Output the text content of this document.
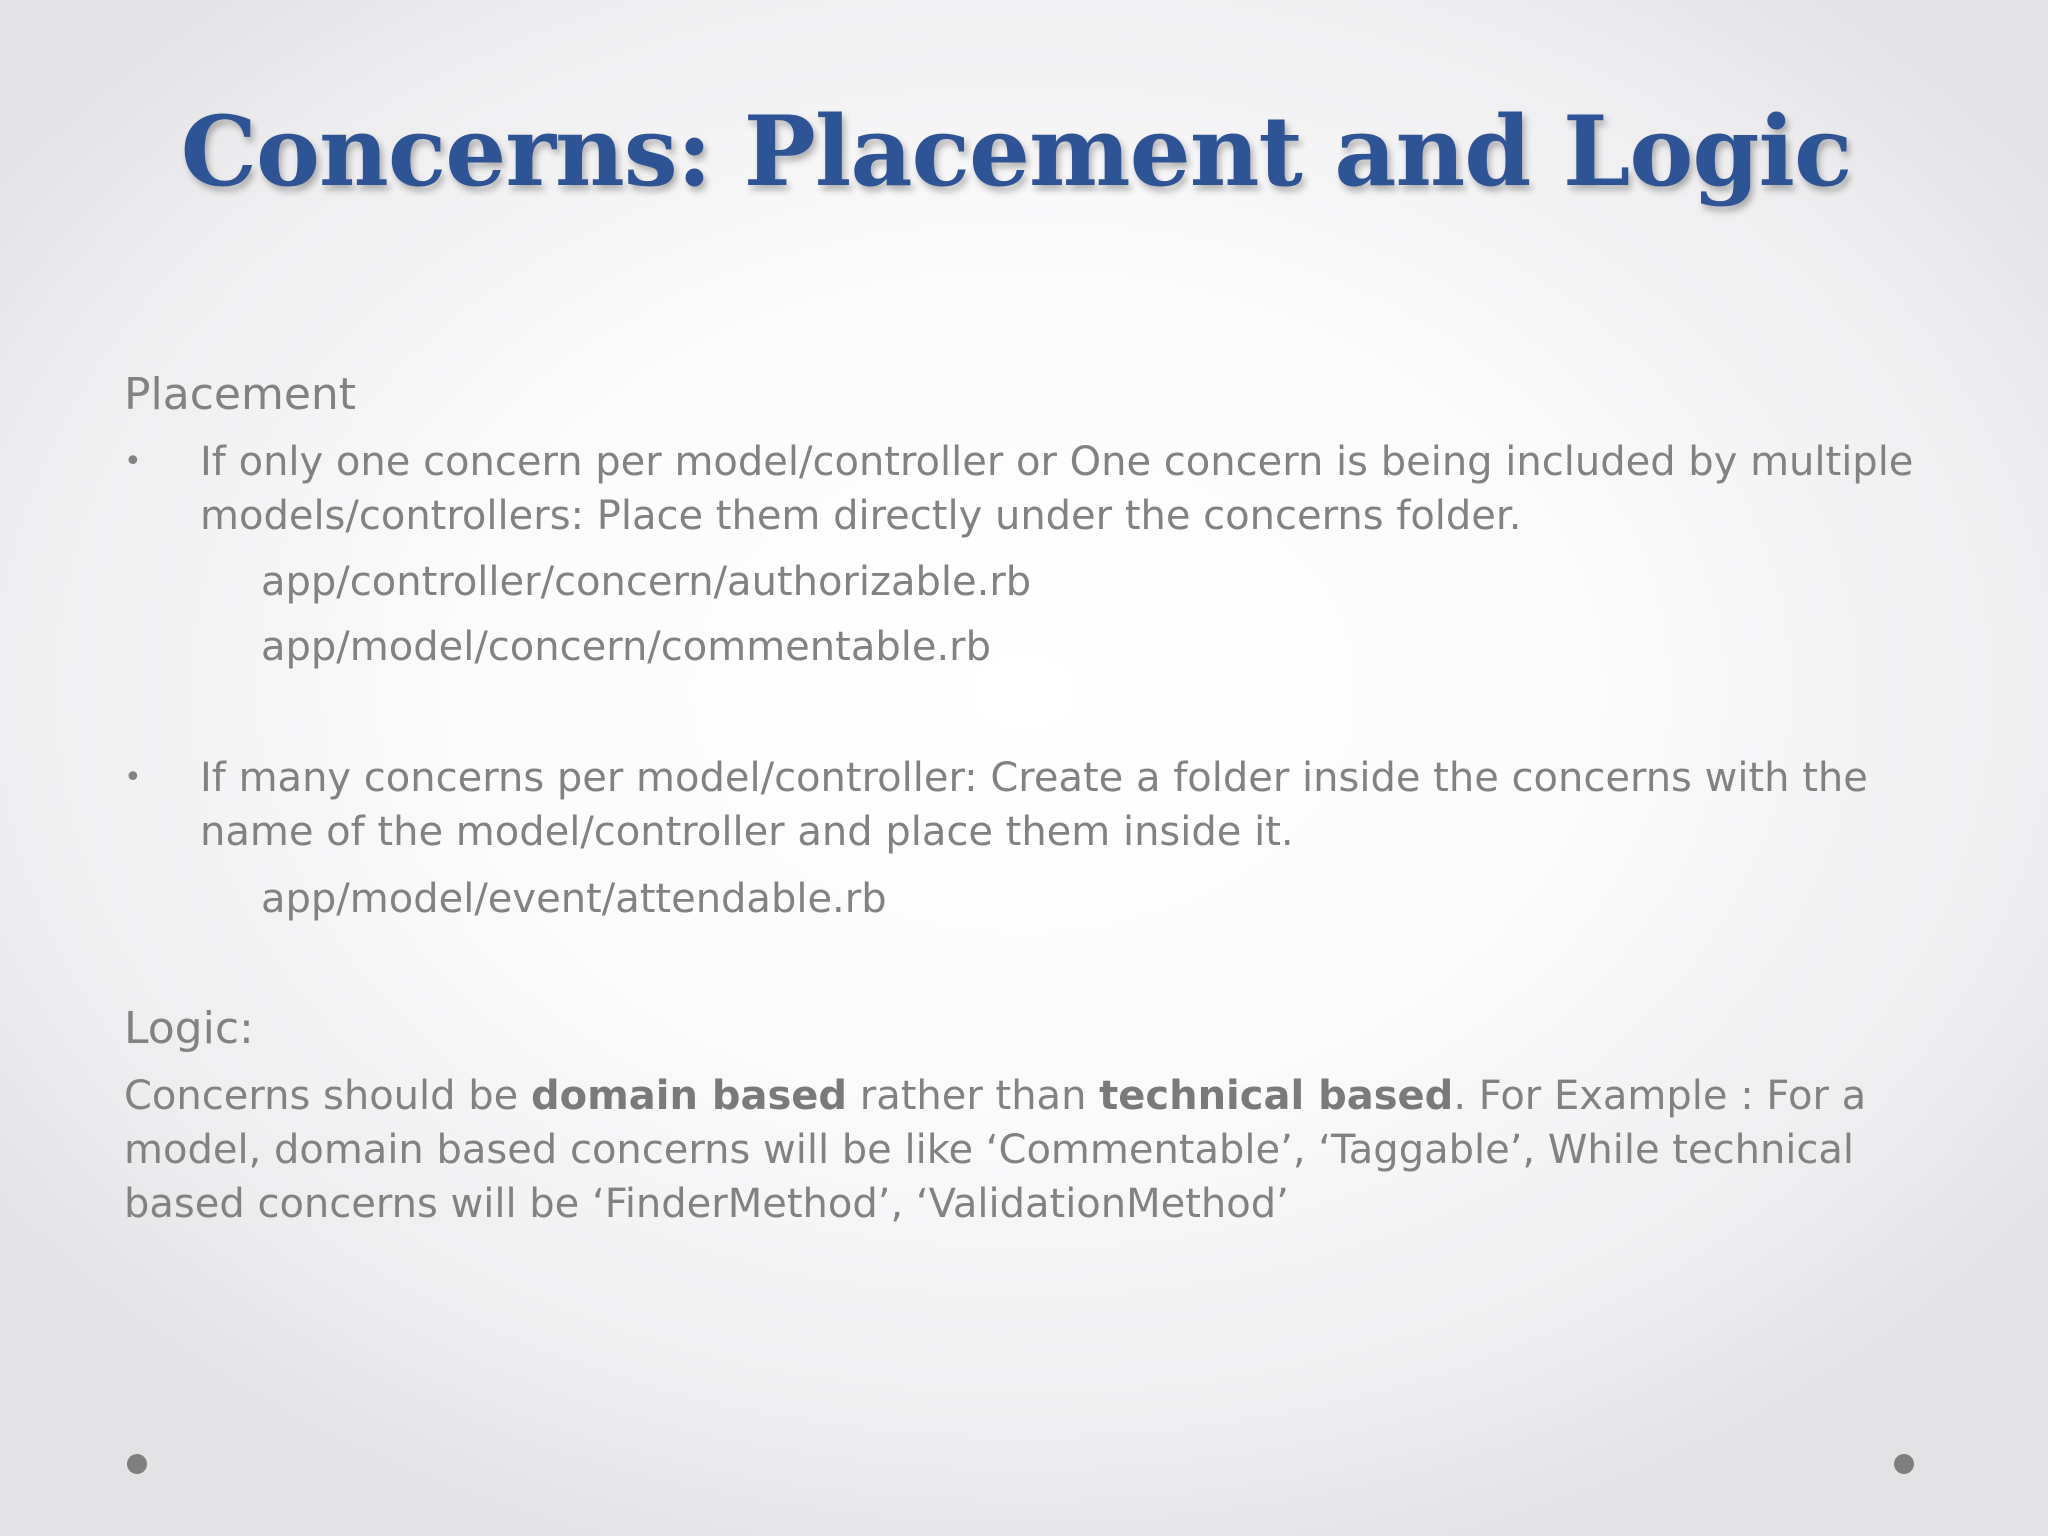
Concerns: Placement and Logic
Placement
• If only one concern per model/controller or One concern is being included by multiple models/controllers: Place them directly under the concerns folder.
app/controller/concern/authorizable.rb
app/model/concern/commentable.rb
• If many concerns per model/controller: Create a folder inside the concerns with the name of the model/controller and place them inside it.
app/model/event/attendable.rb
Logic:
Concerns should be domain based rather than technical based. For Example : For a model, domain based concerns will be like ‘Commentable’, ‘Taggable’, While technical based concerns will be ‘FinderMethod’, ‘ValidationMethod’
